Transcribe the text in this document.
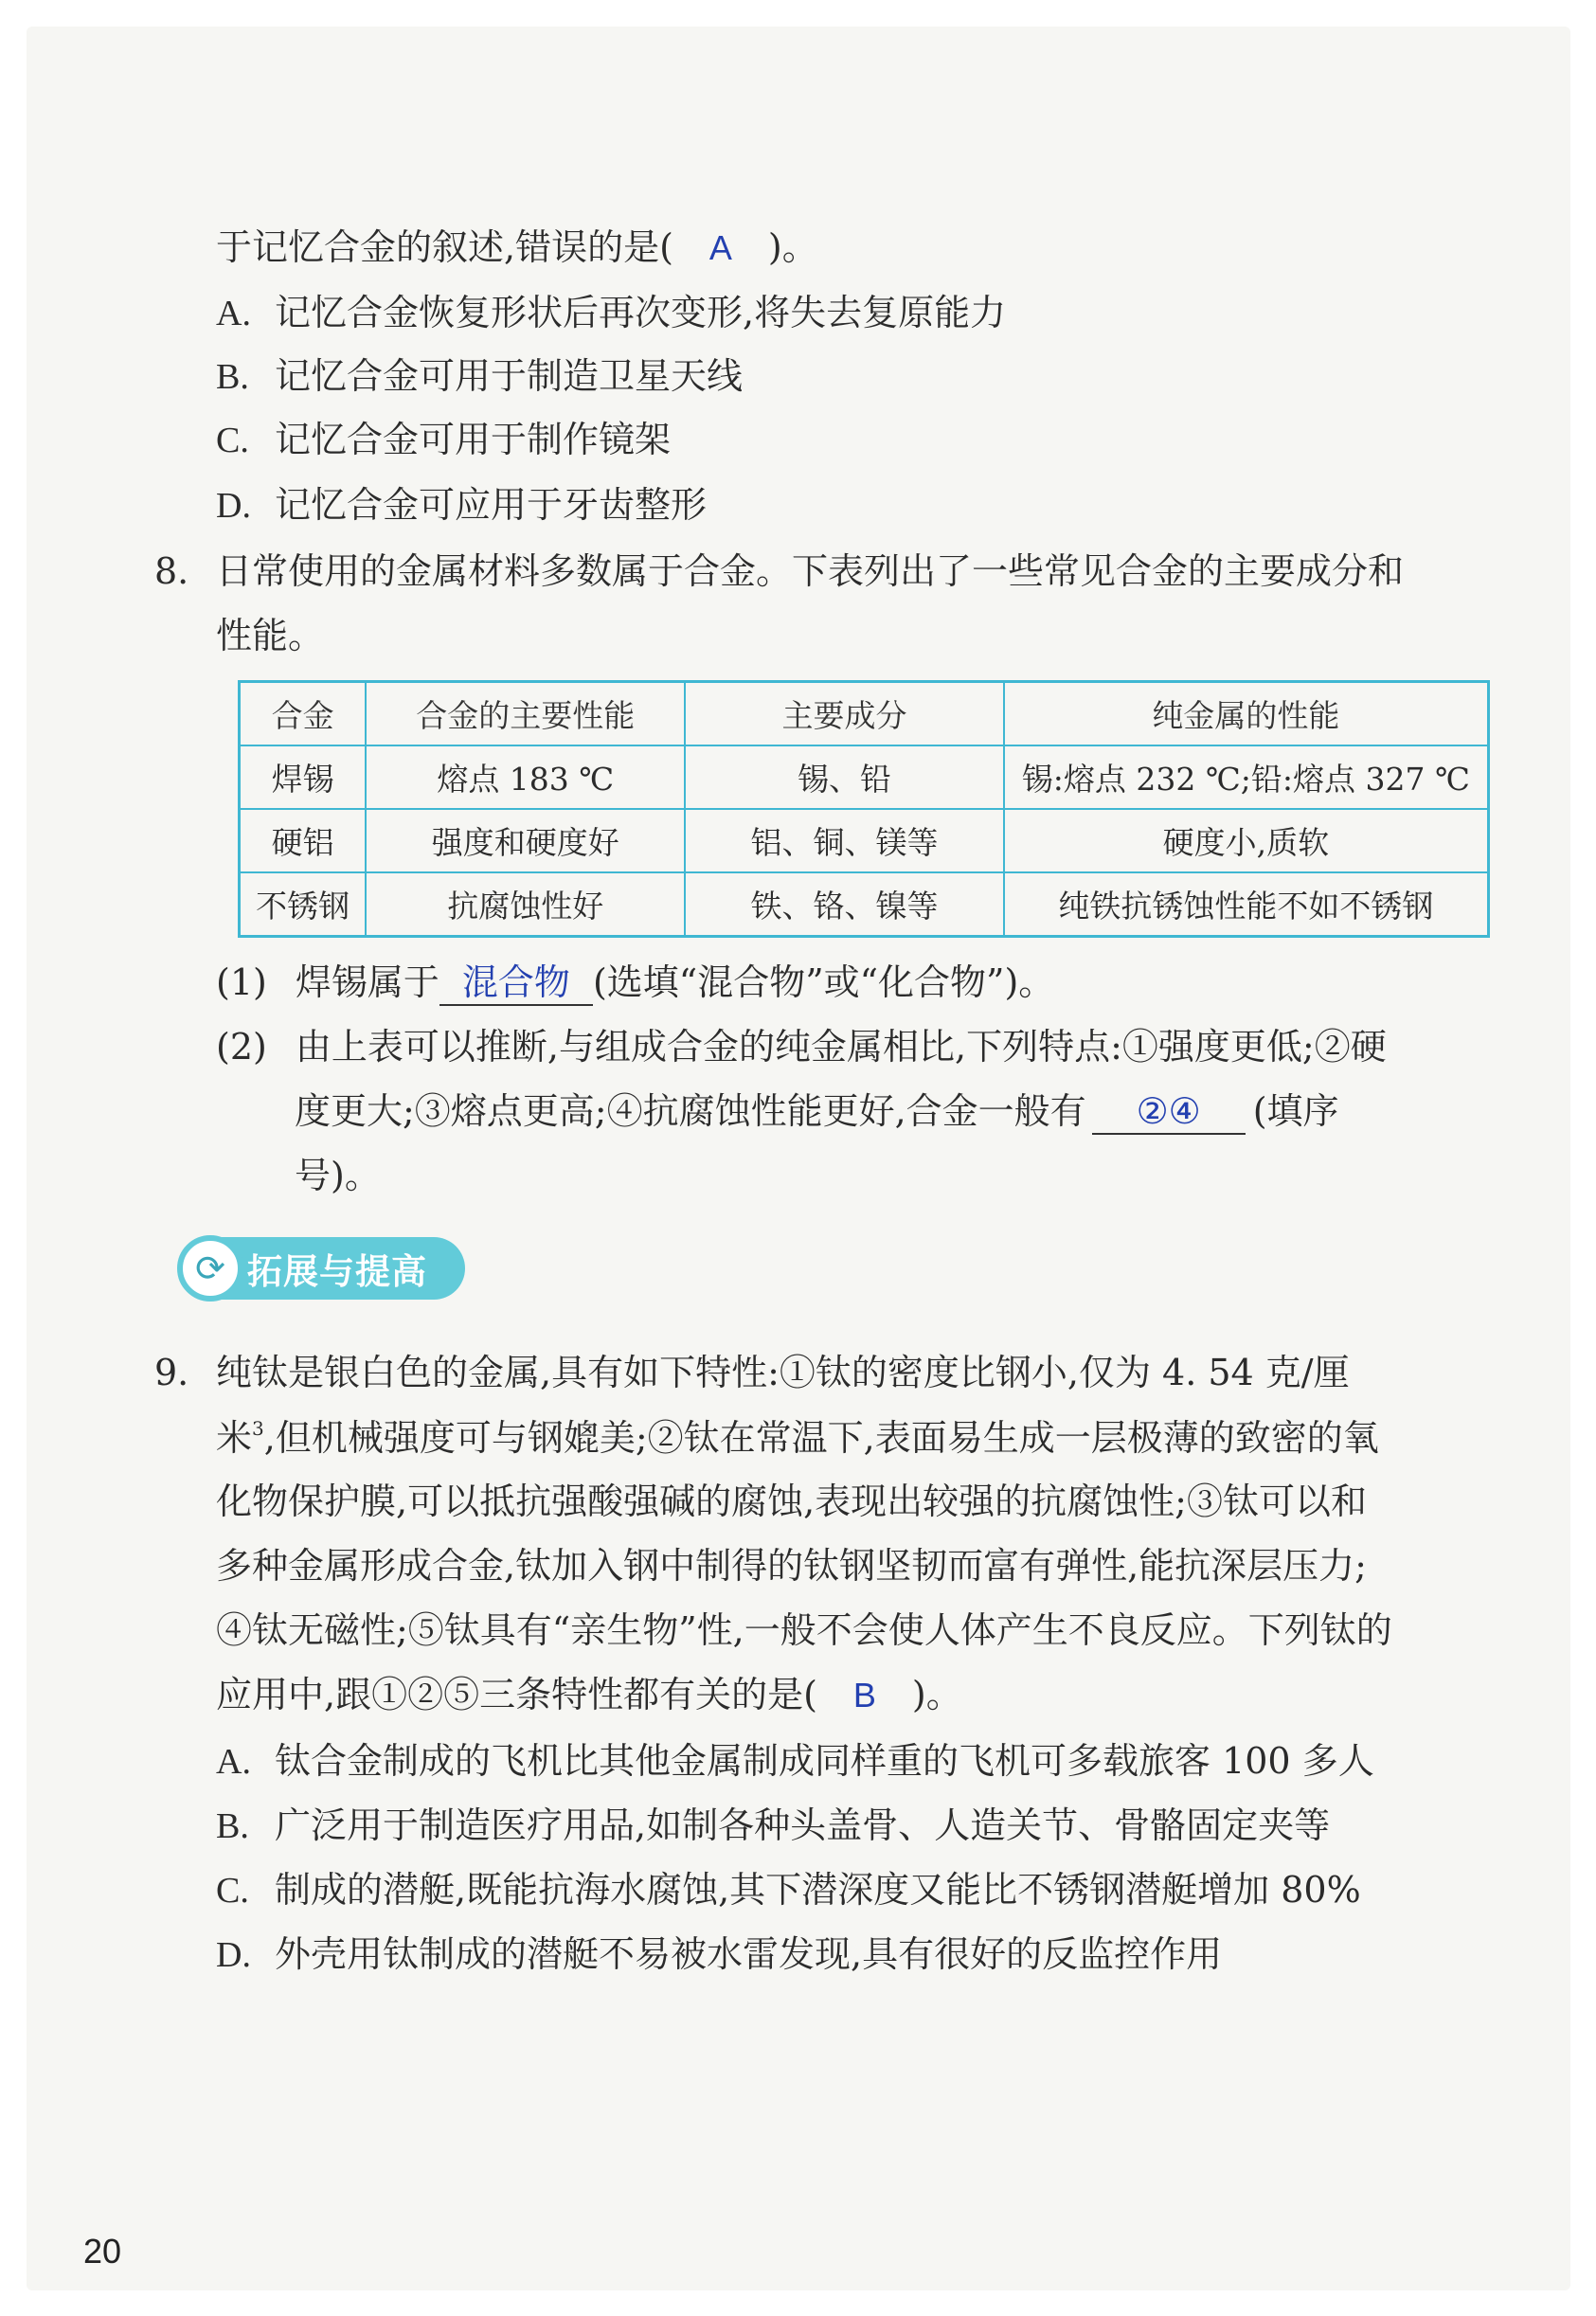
于记忆合金的叙述,错误的是( A )。
A. 记忆合金恢复形状后再次变形,将失去复原能力
B. 记忆合金可用于制造卫星天线
C. 记忆合金可用于制作镜架
D. 记忆合金可应用于牙齿整形
8. 日常使用的金属材料多数属于合金。下表列出了一些常见合金的主要成分和
性能。
合金	合金的主要性能	主要成分	纯金属的性能
焊锡	熔点 183 ℃	锡、铅	锡:熔点 232 ℃;铅:熔点 327 ℃
硬铝	强度和硬度好	铝、铜、镁等	硬度小,质软
不锈钢	抗腐蚀性好	铁、铬、镍等	纯铁抗锈蚀性能不如不锈钢
(1) 焊锡属于 混合物 (选填“混合物”或“化合物”)。
(2) 由上表可以推断,与组成合金的纯金属相比,下列特点:①强度更低;②硬
度更大;③熔点更高;④抗腐蚀性能更好,合金一般有 ②④ (填序
号)。
⟳ 拓展与提高
9. 纯钛是银白色的金属,具有如下特性:①钛的密度比钢小,仅为 4. 54 克/厘
米$^3$,但机械强度可与钢媲美;②钛在常温下,表面易生成一层极薄的致密的氧
化物保护膜,可以抵抗强酸强碱的腐蚀,表现出较强的抗腐蚀性;③钛可以和
多种金属形成合金,钛加入钢中制得的钛钢坚韧而富有弹性,能抗深层压力;
④钛无磁性;⑤钛具有“亲生物”性,一般不会使人体产生不良反应。下列钛的
应用中,跟①②⑤三条特性都有关的是( B )。
A. 钛合金制成的飞机比其他金属制成同样重的飞机可多载旅客 100 多人
B. 广泛用于制造医疗用品,如制各种头盖骨、人造关节、骨骼固定夹等
C. 制成的潜艇,既能抗海水腐蚀,其下潜深度又能比不锈钢潜艇增加 80%
D. 外壳用钛制成的潜艇不易被水雷发现,具有很好的反监控作用
20
